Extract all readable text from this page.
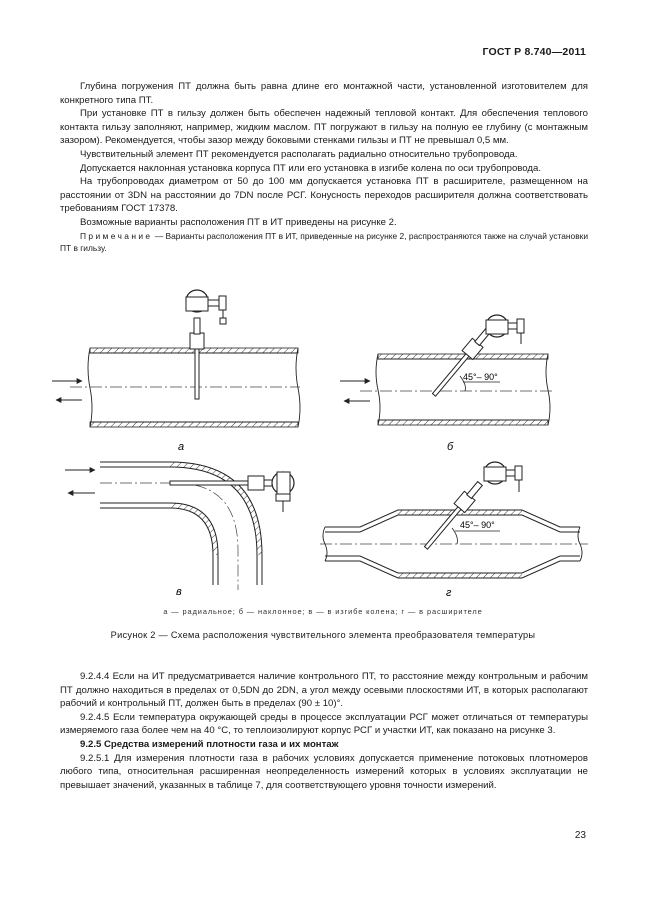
ГОСТ Р 8.740—2011

Глубина погружения ПТ должна быть равна длине его монтажной части, установленной изготовителем для конкретного типа ПТ.

При установке ПТ в гильзу должен быть обеспечен надежный тепловой контакт. Для обеспечения теплового контакта гильзу заполняют, например, жидким маслом. ПТ погружают в гильзу на полную ее глубину (с монтажным зазором). Рекомендуется, чтобы зазор между боковыми стенками гильзы и ПТ не превышал 0,5 мм.

Чувствительный элемент ПТ рекомендуется располагать радиально относительно трубопровода.

Допускается наклонная установка корпуса ПТ или его установка в изгибе колена по оси трубопровода.

На трубопроводах диаметром от 50 до 100 мм допускается установка ПТ в расширителе, размещенном на расстоянии от 3DN на расстоянии до 7DN после РСГ. Конусность переходов расширителя должна соответствовать требованиям ГОСТ 17378.

Возможные варианты расположения ПТ в ИТ приведены на рисунке 2.

Примечание — Варианты расположения ПТ в ИТ, приведенные на рисунке 2, распространяются также на случай установки ПТ в гильзу.

а
45°– 90°
б
в
45°– 90°
г
а — радиальное; б — наклонное; в — в изгибе колена; г — в расширителе
Рисунок 2 — Схема расположения чувствительного элемента преобразователя температуры

9.2.4.4 Если на ИТ предусматривается наличие контрольного ПТ, то расстояние между контрольным и рабочим ПТ должно находиться в пределах от 0,5DN до 2DN, а угол между осевыми плоскостями ИТ, в которых располагают рабочий и контрольный ПТ, должен быть в пределах (90 ± 10)°.

9.2.4.5 Если температура окружающей среды в процессе эксплуатации РСГ может отличаться от температуры измеряемого газа более чем на 40 °С, то теплоизолируют корпус РСГ и участки ИТ, как показано на рисунке 3.

9.2.5 Средства измерений плотности газа и их монтаж

9.2.5.1 Для измерения плотности газа в рабочих условиях допускается применение потоковых плотномеров любого типа, относительная расширенная неопределенность измерений которых в условиях эксплуатации не превышает значений, указанных в таблице 7, для соответствующего уровня точности измерений.

23
